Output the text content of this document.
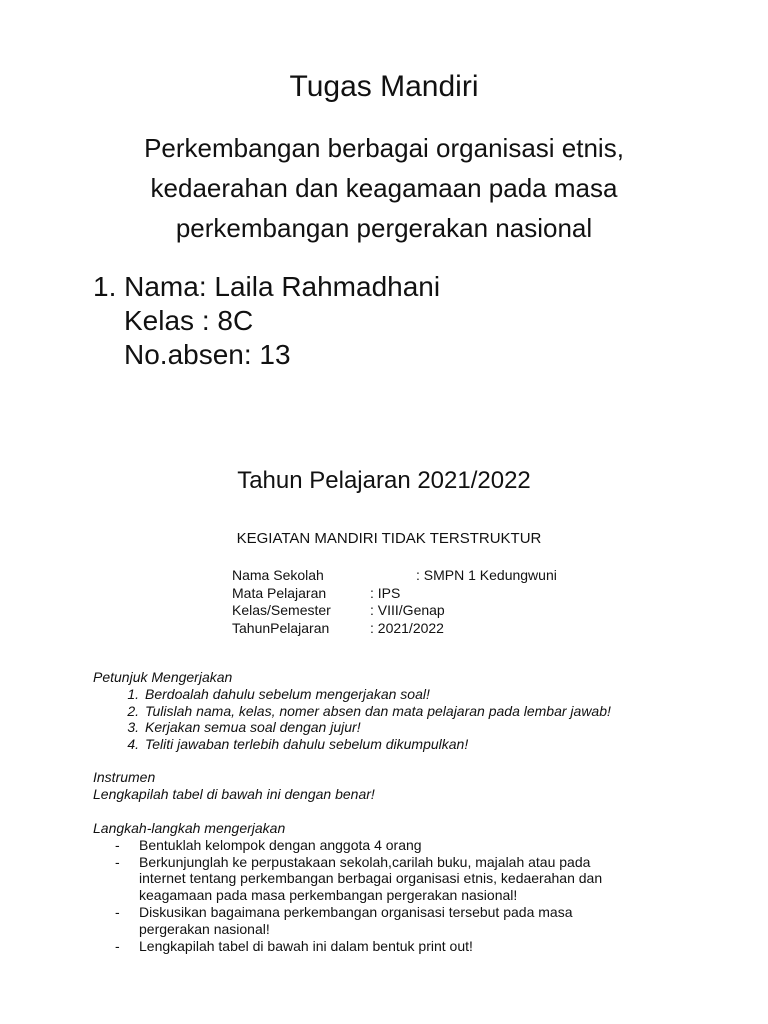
Tugas Mandiri
Perkembangan berbagai organisasi etnis,
kedaerahan dan keagamaan pada masa
perkembangan pergerakan nasional
1. Nama: Laila Rahmadhani
Kelas : 8C
No.absen: 13
Tahun Pelajaran 2021/2022
KEGIATAN MANDIRI TIDAK TERSTRUKTUR
Nama Sekolah	: SMPN 1 Kedungwuni
Mata Pelajaran	: IPS
Kelas/Semester	: VIII/Genap
TahunPelajaran	: 2021/2022
Petunjuk Mengerjakan
1. Berdoalah dahulu sebelum mengerjakan soal!
2. Tulislah nama, kelas, nomer absen dan mata pelajaran pada lembar jawab!
3. Kerjakan semua soal dengan jujur!
4. Teliti jawaban terlebih dahulu sebelum dikumpulkan!
Instrumen
Lengkapilah tabel di bawah ini dengan benar!
Langkah-langkah mengerjakan
- Bentuklah kelompok dengan anggota 4 orang
- Berkunjunglah ke perpustakaan sekolah,carilah buku, majalah atau pada
internet tentang perkembangan berbagai organisasi etnis, kedaerahan dan
keagamaan pada masa perkembangan pergerakan nasional!
- Diskusikan bagaimana perkembangan organisasi tersebut pada masa
pergerakan nasional!
- Lengkapilah tabel di bawah ini dalam bentuk print out!
